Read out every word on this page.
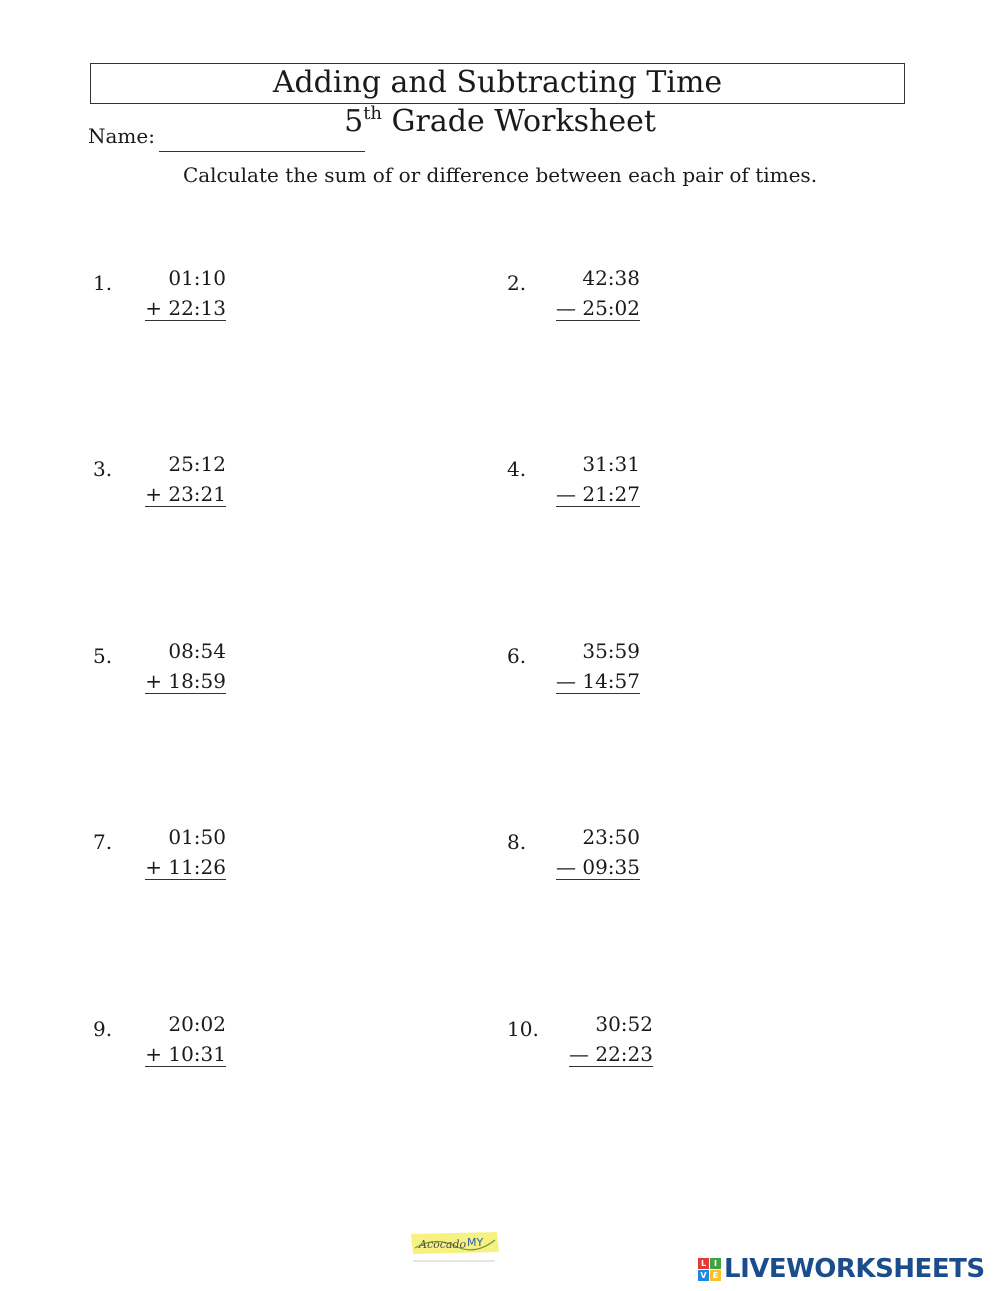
Adding and Subtracting Time
5th Grade Worksheet
Name:
Calculate the sum of or difference between each pair of times.
1.	01:10
+ 22:13
2.	42:38
— 25:02
3.	25:12
+ 23:21
4.	31:31
— 21:27
5.	08:54
+ 18:59
6.	35:59
— 14:57
7.	01:50
+ 11:26
8.	23:50
— 09:35
9.	20:02
+ 10:31
10.	30:52
— 22:23
Acocado MY
L I
V E LIVEWORKSHEETS
